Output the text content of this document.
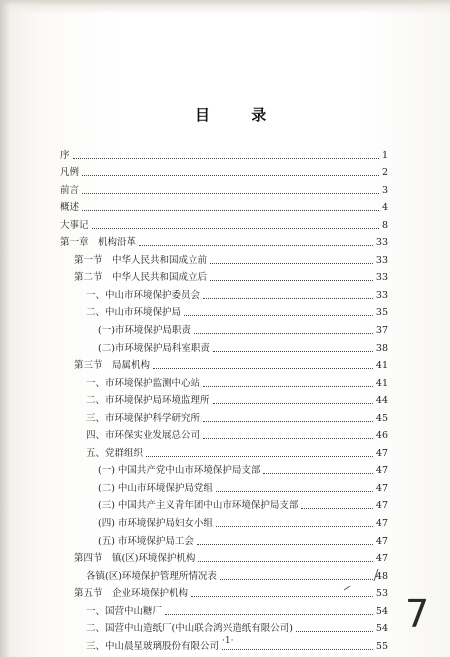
目 录
序	1
凡例	2
前言	3
概述	4
大事记	8
第一章　机构沿革	33
第一节　中华人民共和国成立前	33
第二节　中华人民共和国成立后	33
一、中山市环境保护委员会	33
二、中山市环境保护局	35
(一)市环境保护局职责	37
(二)市环境保护局科室职责	38
第三节　局属机构	41
一、市环境保护监测中心站	41
二、市环境保护局环境监理所	44
三、市环境保护科学研究所	45
四、市环保实业发展总公司	46
五、党群组织	47
(一) 中国共产党中山市环境保护局支部	47
(二) 中山市环境保护局党组	47
(三) 中国共产主义青年团中山市环境保护局支部	47
(四) 市环境保护局妇女小组	47
(五) 市环境保护局工会	47
第四节　镇(区)环境保护机构	47
各镇(区)环境保护管理所情况表	48
第五节　企业环境保护机构	53
一、国营中山糖厂	54
二、国营中山造纸厂(中山联合鸿兴造纸有限公司)	54
三、中山晨星玻璃股份有限公司	55
·1·
7
